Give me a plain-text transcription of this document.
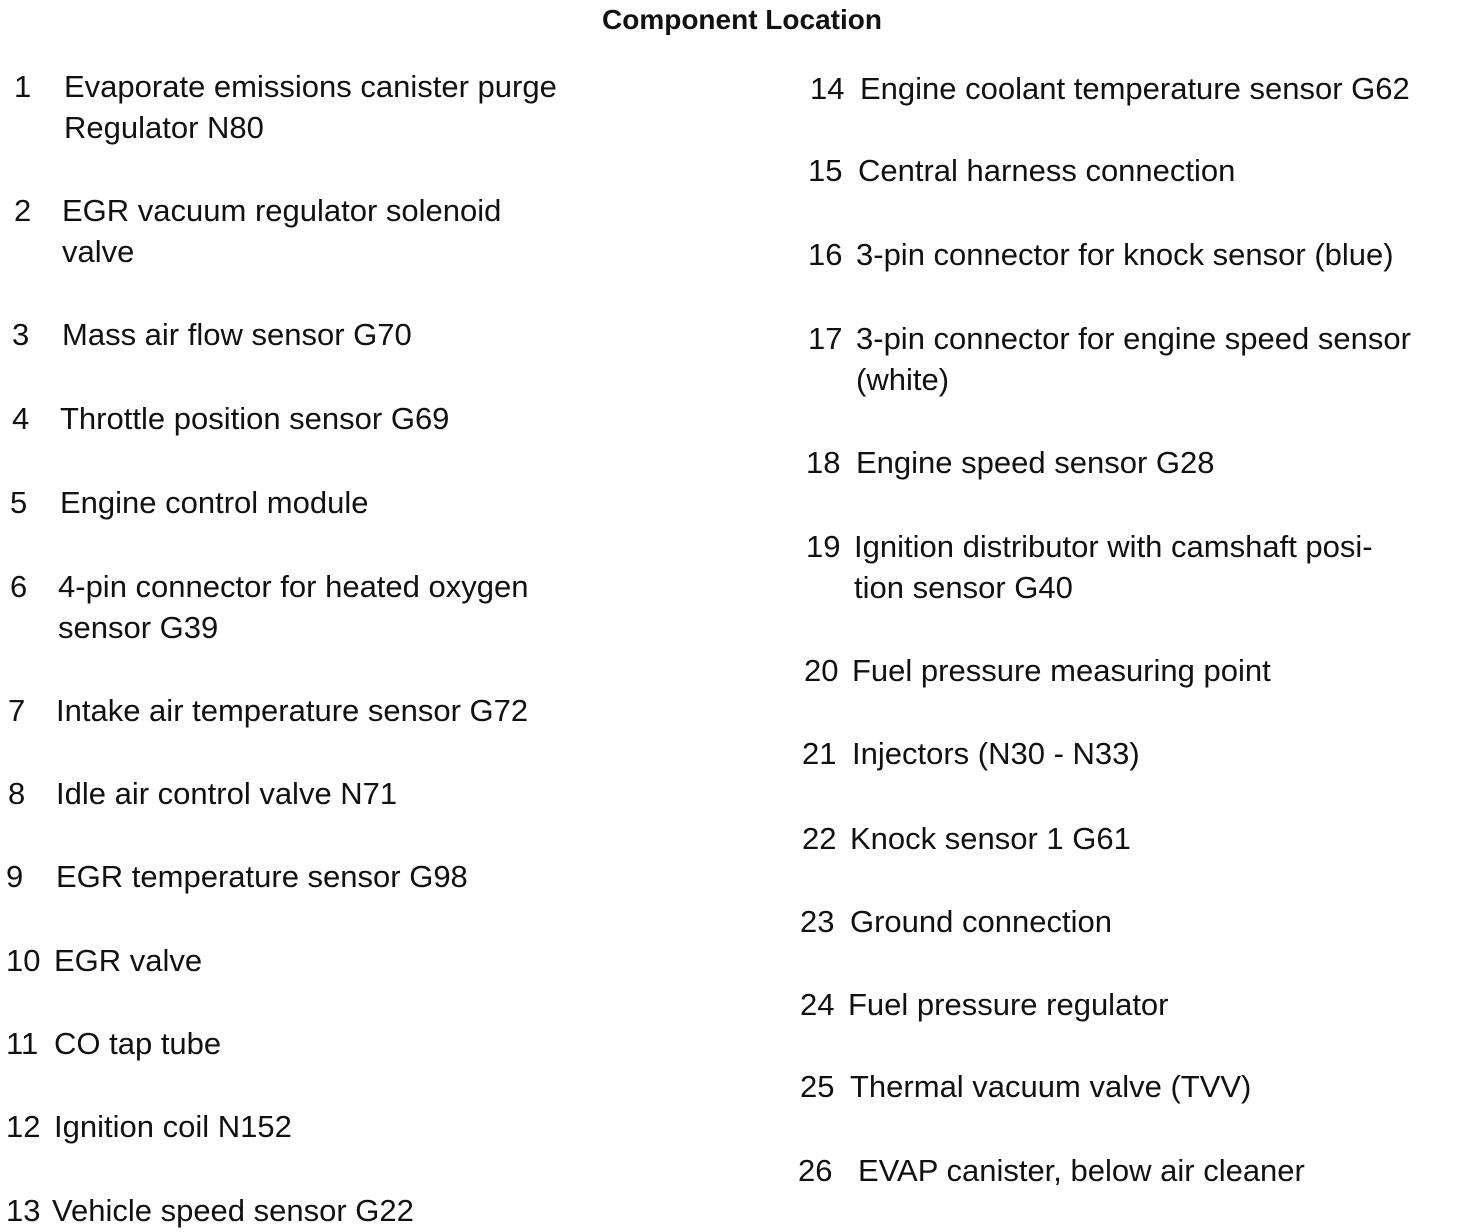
Component Location
1 Evaporate emissions canister purge
Regulator N80
2 EGR vacuum regulator solenoid
valve
3 Mass air flow sensor G70
4 Throttle position sensor G69
5 Engine control module
6 4-pin connector for heated oxygen
sensor G39
7 Intake air temperature sensor G72
8 Idle air control valve N71
9 EGR temperature sensor G98
10 EGR valve
11 CO tap tube
12 Ignition coil N152
13 Vehicle speed sensor G22
14 Engine coolant temperature sensor G62
15 Central harness connection
16 3-pin connector for knock sensor (blue)
17 3-pin connector for engine speed sensor
(white)
18 Engine speed sensor G28
19 Ignition distributor with camshaft posi-
tion sensor G40
20 Fuel pressure measuring point
21 Injectors (N30 - N33)
22 Knock sensor 1 G61
23 Ground connection
24 Fuel pressure regulator
25 Thermal vacuum valve (TVV)
26 EVAP canister, below air cleaner
